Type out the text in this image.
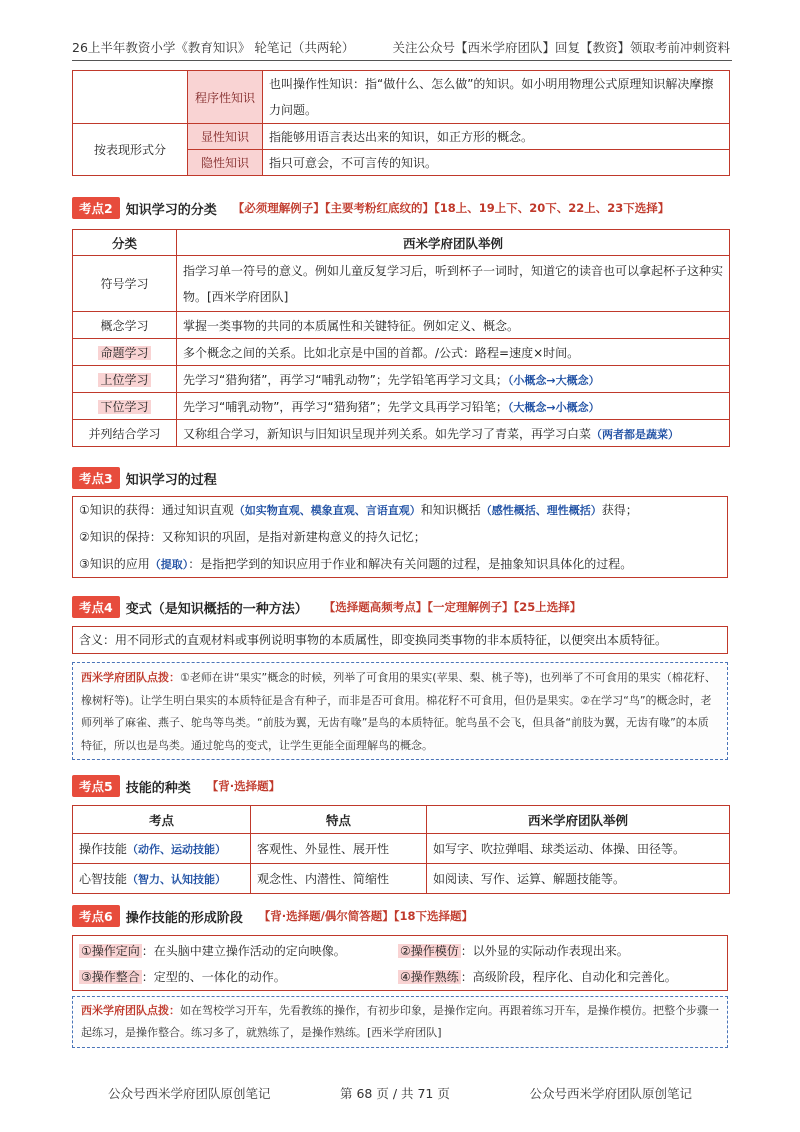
26上半年教资小学《教育知识》 轮笔记（共两轮）	关注公众号【西米学府团队】回复【教资】领取考前冲刺资料
	程序性知识	也叫操作性知识：指“做什么、怎么做”的知识。如小明用物理公式原理知识解决摩擦力问题。
按表现形式分	显性知识	指能够用语言表达出来的知识，如正方形的概念。
	隐性知识	指只可意会，不可言传的知识。
考点2	知识学习的分类 【必须理解例子】【主要考粉红底纹的】【18上、19上下、20下、22上、23下选择】
分类	西米学府团队举例
符号学习	指学习单一符号的意义。例如儿童反复学习后，听到杯子一词时，知道它的读音也可以拿起杯子这种实物。[西米学府团队]
概念学习	掌握一类事物的共同的本质属性和关键特征。例如定义、概念。
命题学习	多个概念之间的关系。比如北京是中国的首都。/公式：路程=速度×时间。
上位学习	先学习“猎狗猪”，再学习“哺乳动物”；先学铅笔再学习文具；（小概念→大概念）
下位学习	先学习“哺乳动物”，再学习“猎狗猪”；先学文具再学习铅笔；（大概念→小概念）
并列结合学习	又称组合学习，新知识与旧知识呈现并列关系。如先学习了青菜，再学习白菜（两者都是蔬菜）
考点3	知识学习的过程
①知识的获得：通过知识直观（如实物直观、模象直观、言语直观）和知识概括（感性概括、理性概括）获得；
②知识的保持：又称知识的巩固，是指对新建构意义的持久记忆；
③知识的应用（提取）：是指把学到的知识应用于作业和解决有关问题的过程，是抽象知识具体化的过程。
考点4	变式（是知识概括的一种方法） 【选择题高频考点】【一定理解例子】【25上选择】
含义：用不同形式的直观材料或事例说明事物的本质属性，即变换同类事物的非本质特征，以便突出本质特征。
西米学府团队点拨：①老师在讲“果实”概念的时候，列举了可食用的果实(苹果、梨、桃子等)，也列举了不可食用的果实（棉花籽、橡树籽等)。让学生明白果实的本质特征是含有种子，而非是否可食用。棉花籽不可食用，但仍是果实。②在学习“鸟”的概念时，老师列举了麻雀、燕子、鸵鸟等鸟类。“前肢为翼，无齿有喙”是鸟的本质特征。鸵鸟虽不会飞，但具备“前肢为翼，无齿有喙”的本质特征，所以也是鸟类。通过鸵鸟的变式，让学生更能全面理解鸟的概念。
考点5	技能的种类 【背·选择题】
考点	特点	西米学府团队举例
操作技能（动作、运动技能）	客观性、外显性、展开性	如写字、吹拉弹唱、球类运动、体操、田径等。
心智技能（智力、认知技能）	观念性、内潜性、简缩性	如阅读、写作、运算、解题技能等。
考点6	操作技能的形成阶段 【背·选择题/偶尔简答题】【18下选择题】
①操作定向 ：在头脑中建立操作活动的定向映像。	②操作模仿 ：以外显的实际动作表现出来。
③操作整合 ：定型的、一体化的动作。	④操作熟练 ：高级阶段，程序化、自动化和完善化。
西米学府团队点拨：如在驾校学习开车，先看教练的操作，有初步印象，是操作定向。再跟着练习开车，是操作模仿。把整个步骤一起练习，是操作整合。练习多了，就熟练了，是操作熟练。[西米学府团队]
公众号西米学府团队原创笔记	第 68 页 / 共 71 页	公众号西米学府团队原创笔记
